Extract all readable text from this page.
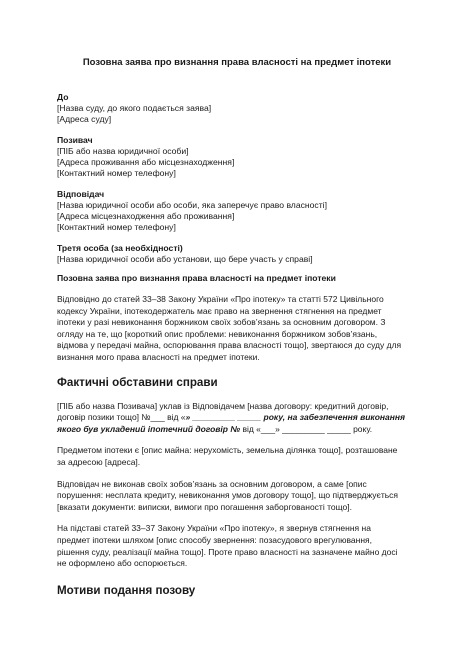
Позовна заява про визнання права власності на предмет іпотеки
До
[Назва суду, до якого подається заява]
[Адреса суду]
Позивач
[ПІБ або назва юридичної особи]
[Адреса проживання або місцезнаходження]
[Контактний номер телефону]
Відповідач
[Назва юридичної особи або особи, яка заперечує право власності]
[Адреса місцезнаходження або проживання]
[Контактний номер телефону]
Третя особа (за необхідності)
[Назва юридичної особи або установи, що бере участь у справі]
Позовна заява про визнання права власності на предмет іпотеки
Відповідно до статей 33–38 Закону України «Про іпотеку» та статті 572 Цивільного
кодексу України, іпотекодержатель має право на звернення стягнення на предмет
іпотеки у разі невиконання боржником своїх зобов’язань за основним договором. З
огляду на те, що [короткий опис проблеми: невиконання боржником зобов’язань,
відмова у передачі майна, оспорювання права власності тощо], звертаюся до суду для
визнання мого права власності на предмет іпотеки.
Фактичні обставини справи
[ПІБ або назва Позивача] уклав із Відповідачем [назва договору: кредитний договір,
договір позики тощо] №___ від «» _________ _____ року, на забезпечення виконання
якого був укладений іпотечний договір № від «___» _________ _____ року.
Предметом іпотеки є [опис майна: нерухомість, земельна ділянка тощо], розташоване
за адресою [адреса].
Відповідач не виконав своїх зобов’язань за основним договором, а саме [опис
порушення: несплата кредиту, невиконання умов договору тощо], що підтверджується
[вказати документи: виписки, вимоги про погашення заборгованості тощо].
На підставі статей 33–37 Закону України «Про іпотеку», я звернув стягнення на
предмет іпотеки шляхом [опис способу звернення: позасудового врегулювання,
рішення суду, реалізації майна тощо]. Проте право власності на зазначене майно досі
не оформлено або оспорюється.
Мотиви подання позову
